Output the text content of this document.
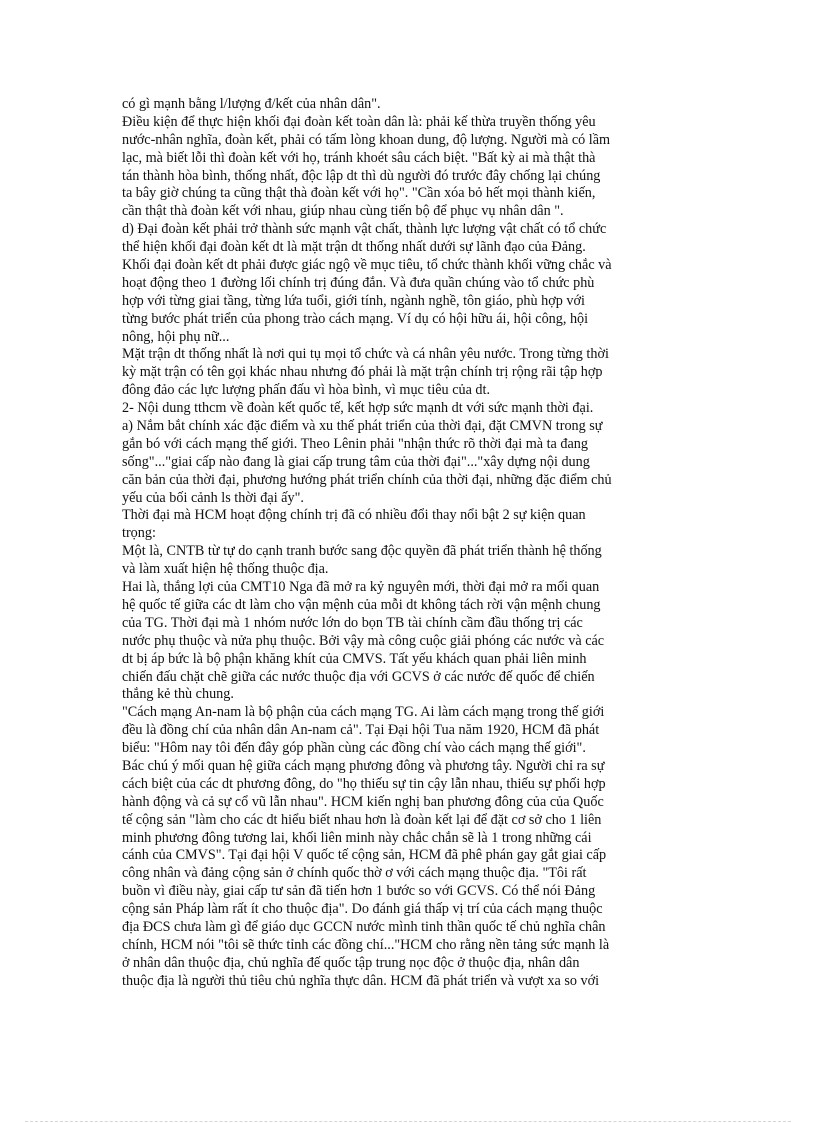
có gì mạnh bằng l/lượng đ/kết của nhân dân".
Điều kiện để thực hiện khối đại đoàn kết toàn dân là: phải kế thừa truyền thống yêu
nước-nhân nghĩa, đoàn kết, phải có tấm lòng khoan dung, độ lượng. Người mà có lầm
lạc, mà biết lỗi thì đoàn kết với họ, tránh khoét sâu cách biệt. "Bất kỳ ai mà thật thà
tán thành hòa bình, thống nhất, độc lập dt thì dù người đó trước đây chống lại chúng
ta bây giờ chúng ta cũng thật thà đoàn kết với họ". "Cần xóa bỏ hết mọi thành kiến,
cần thật thà đoàn kết với nhau, giúp nhau cùng tiến bộ để phục vụ nhân dân ".
d) Đại đoàn kết phải trở thành sức mạnh vật chất, thành lực lượng vật chất có tổ chức
thể hiện khối đại đoàn kết dt là mặt trận dt thống nhất dưới sự lãnh đạo của Đảng.
Khối đại đoàn kết dt phải được giác ngộ về mục tiêu, tổ chức thành khối vững chắc và
hoạt động theo 1 đường lối chính trị đúng đắn. Và đưa quần chúng vào tổ chức phù
hợp với từng giai tầng, từng lứa tuổi, giới tính, ngành nghề, tôn giáo, phù hợp với
từng bước phát triển của phong trào cách mạng. Ví dụ có hội hữu ái, hội công, hội
nông, hội phụ nữ...
Mặt trận dt thống nhất là nơi qui tụ mọi tổ chức và cá nhân yêu nước. Trong từng thời
kỳ mặt trận có tên gọi khác nhau nhưng đó phải là mặt trận chính trị rộng rãi tập hợp
đông đảo các lực lượng phấn đấu vì hòa bình, vì mục tiêu của dt.
2- Nội dung tthcm về đoàn kết quốc tế, kết hợp sức mạnh dt với sức mạnh thời đại.
a) Nắm bắt chính xác đặc điểm và xu thế phát triển của thời đại, đặt CMVN trong sự
gắn bó với cách mạng thế giới. Theo Lênin phải "nhận thức rõ thời đại mà ta đang
sống"..."giai cấp nào đang là giai cấp trung tâm của thời đại"..."xây dựng nội dung
căn bản của thời đại, phương hướng phát triển chính của thời đại, những đặc điểm chủ
yếu của bối cảnh ls thời đại ấy".
Thời đại mà HCM hoạt động chính trị đã có nhiều đổi thay nổi bật 2 sự kiện quan
trọng:
Một là, CNTB từ tự do cạnh tranh bước sang độc quyền đã phát triển thành hệ thống
và làm xuất hiện hệ thống thuộc địa.
Hai là, thắng lợi của CMT10 Nga đã mở ra kỷ nguyên mới, thời đại mở ra mối quan
hệ quốc tế giữa các dt làm cho vận mệnh của mỗi dt không tách rời vận mệnh chung
của TG. Thời đại mà 1 nhóm nước lớn do bọn TB tài chính cầm đầu thống trị các
nước phụ thuộc và nửa phụ thuộc. Bởi vậy mà công cuộc giải phóng các nước và các
dt bị áp bức là bộ phận khăng khít của CMVS. Tất yếu khách quan phải liên minh
chiến đấu chặt chẽ giữa các nước thuộc địa với GCVS ở các nước đế quốc để chiến
thắng kẻ thù chung.
"Cách mạng An-nam là bộ phận của cách mạng TG. Ai làm cách mạng trong thế giới
đều là đồng chí của nhân dân An-nam cả". Tại Đại hội Tua năm 1920, HCM đã phát
biểu: "Hôm nay tôi đến đây góp phần cùng các đồng chí vào cách mạng thế giới".
Bác chú ý mối quan hệ giữa cách mạng phương đông và phương tây. Người chỉ ra sự
cách biệt của các dt phương đông, do "họ thiếu sự tin cậy lẫn nhau, thiếu sự phối hợp
hành động và cả sự cổ vũ lẫn nhau". HCM kiến nghị ban phương đông của của Quốc
tế cộng sản "làm cho các dt hiểu biết nhau hơn là đoàn kết lại để đặt cơ sở cho 1 liên
minh phương đông tương lai, khối liên minh này chắc chắn sẽ là 1 trong những cái
cánh của CMVS". Tại đại hội V quốc tế cộng sản, HCM đã phê phán gay gắt giai cấp
công nhân và đảng cộng sản ở chính quốc thờ ơ với cách mạng thuộc địa. "Tôi rất
buồn vì điều này, giai cấp tư sản đã tiến hơn 1 bước so với GCVS. Có thể nói Đảng
cộng sản Pháp làm rất ít cho thuộc địa". Do đánh giá thấp vị trí của cách mạng thuộc
địa ĐCS chưa làm gì để giáo dục GCCN nước mình tinh thần quốc tế chủ nghĩa chân
chính, HCM nói "tôi sẽ thức tỉnh các đồng chí..."HCM cho rằng nền tảng sức mạnh là
ở nhân dân thuộc địa, chủ nghĩa đế quốc tập trung nọc độc ở thuộc địa, nhân dân
thuộc địa là người thủ tiêu chủ nghĩa thực dân. HCM đã phát triển và vượt xa so với
